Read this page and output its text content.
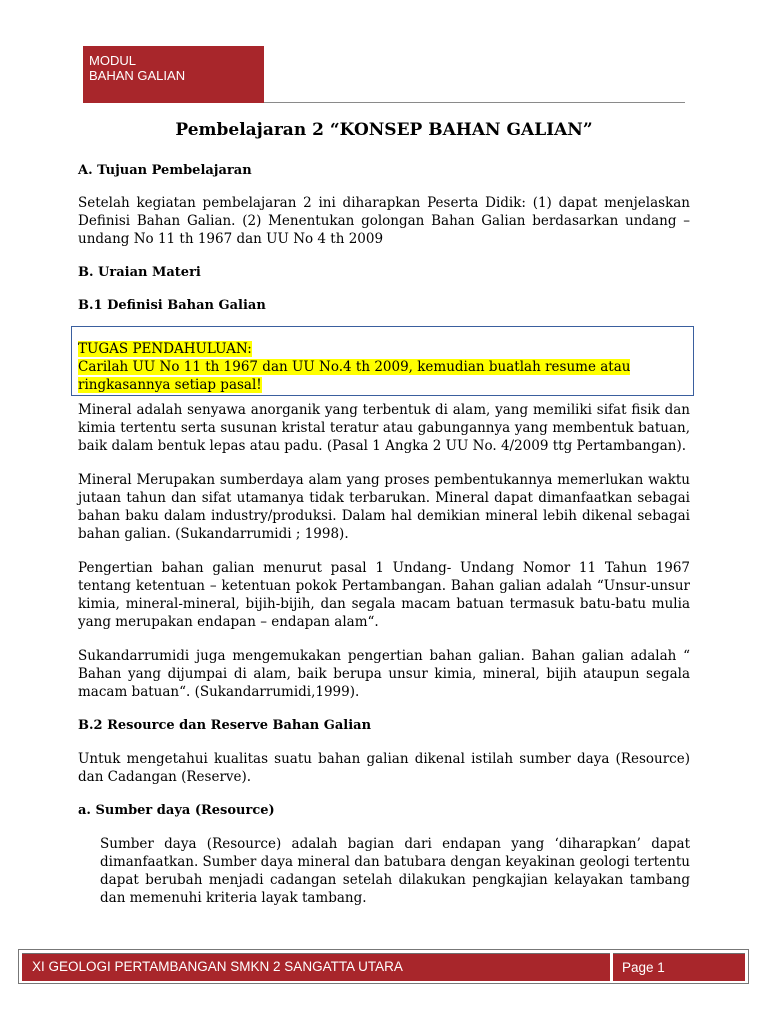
MODUL
BAHAN GALIAN
Pembelajaran 2 “KONSEP BAHAN GALIAN”
A. Tujuan Pembelajaran

Setelah kegiatan pembelajaran 2 ini diharapkan Peserta Didik: (1) dapat menjelaskan Definisi Bahan Galian. (2) Menentukan golongan Bahan Galian berdasarkan undang – undang No 11 th 1967 dan UU No 4 th 2009

B. Uraian Materi
B.1 Definisi Bahan Galian

Mineral adalah senyawa anorganik yang terbentuk di alam, yang memiliki sifat fisik dan kimia tertentu serta susunan kristal teratur atau gabungannya yang membentuk batuan, baik dalam bentuk lepas atau padu. (Pasal 1 Angka 2 UU No. 4/2009 ttg Pertambangan).

Mineral Merupakan sumberdaya alam yang proses pembentukannya memerlukan waktu jutaan tahun dan sifat utamanya tidak terbarukan. Mineral dapat dimanfaatkan sebagai bahan baku dalam industry/produksi. Dalam hal demikian mineral lebih dikenal sebagai bahan galian. (Sukandarrumidi ; 1998).

Pengertian bahan galian menurut pasal 1 Undang- Undang Nomor 11 Tahun 1967 tentang ketentuan – ketentuan pokok Pertambangan. Bahan galian adalah “Unsur-unsur kimia, mineral-mineral, bijih-bijih, dan segala macam batuan termasuk batu-batu mulia yang merupakan endapan – endapan alam“.

Sukandarrumidi juga mengemukakan pengertian bahan galian. Bahan galian adalah “ Bahan yang dijumpai di alam, baik berupa unsur kimia, mineral, bijih ataupun segala macam batuan“. (Sukandarrumidi,1999).

B.2 Resource dan Reserve Bahan Galian

Untuk mengetahui kualitas suatu bahan galian dikenal istilah sumber daya (Resource) dan Cadangan (Reserve).

a. Sumber daya (Resource)

Sumber daya (Resource) adalah bagian dari endapan yang ‘diharapkan’ dapat dimanfaatkan. Sumber daya mineral dan batubara dengan keyakinan geologi tertentu dapat berubah menjadi cadangan setelah dilakukan pengkajian kelayakan tambang dan memenuhi kriteria layak tambang.

TUGAS PENDAHULUAN:
Carilah UU No 11 th 1967 dan UU No.4 th 2009, kemudian buatlah resume atau
ringkasannya setiap pasal!
XI GEOLOGI PERTAMBANGAN SMKN 2 SANGATTA UTARA	Page 1
